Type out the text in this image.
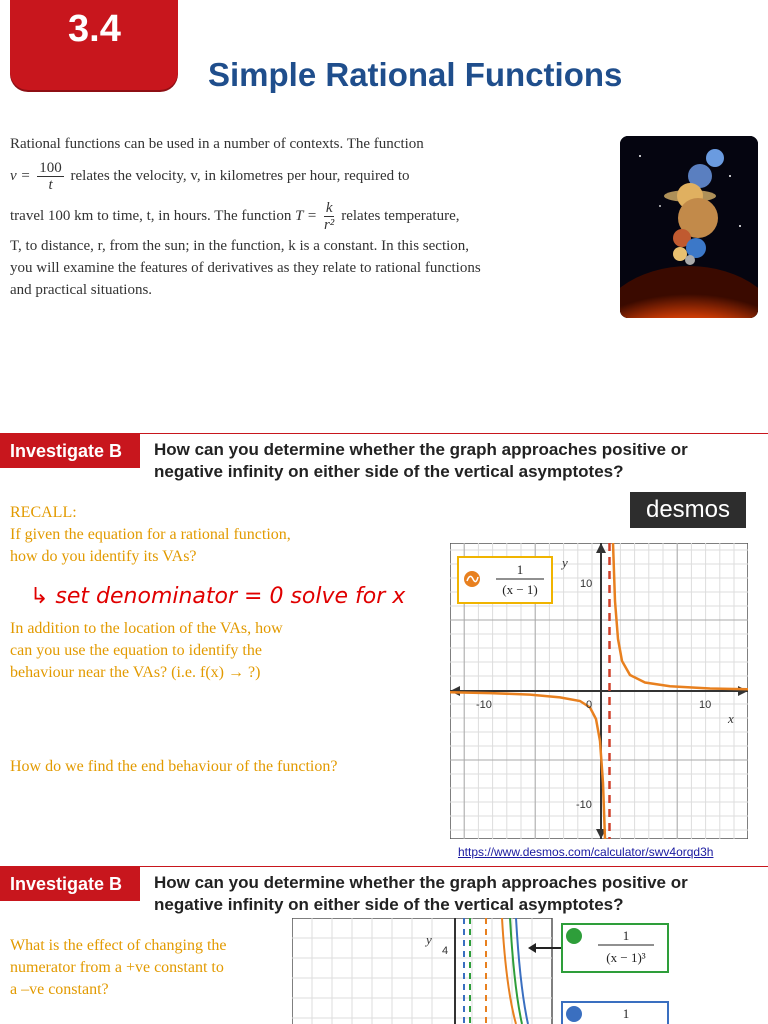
3.4
Simple Rational Functions
Rational functions can be used in a number of contexts. The function
$v = \frac{100}{t}$ relates the velocity, v, in kilometres per hour, required to
travel 100 km to time, t, in hours. The function $T = \frac{k}{\text{r²}}$ relates temperature,
T, to distance, r, from the sun; in the function, k is a constant. In this section,
you will examine the features of derivatives as they relate to rational functions
and practical situations.
Investigate B	How can you determine whether the graph approaches positive or
negative infinity on either side of the vertical asymptotes?
RECALL:
If given the equation for a rational function,
how do you identify its VAs?
↳ set denominator = 0 solve for x
In addition to the location of the VAs, how
can you use the equation to identify the
behaviour near the VAs? (i.e. f(x) → ?)
How do we find the end behaviour of the function?
desmos
-10	10
10
-10
0
x
y
1
(x − 1)
https://www.desmos.com/calculator/swv4orqd3h
Investigate B	How can you determine whether the graph approaches positive or
negative infinity on either side of the vertical asymptotes?
What is the effect of changing the
numerator from a +ve constant to
a –ve constant?
y
4
1
(x − 1)³
1
